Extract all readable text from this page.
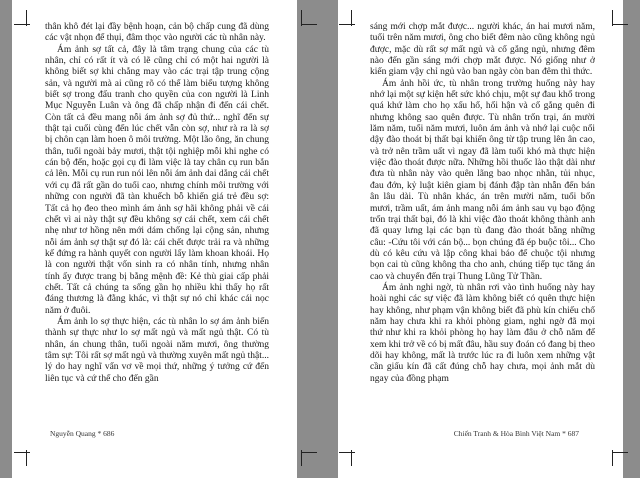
thân khô đét lại đầy bệnh hoạn, cản bộ chấp cung đã dùng các vật nhọn để thụi, đâm thọc vào người các tù nhân này.

Ám ảnh sợ tất cả, đây là tâm trạng chung của các tù nhân, chỉ có rất ít và có lẽ cũng chỉ có một hai người là không biết sợ khi chẳng may vào các trại tập trung cộng sản, và người mà ai cũng rõ có thể làm biểu tượng không biết sợ trong đấu tranh cho quyền của con người là Linh Mục Nguyễn Luân và ông đã chấp nhận đi đến cái chết. Còn tất cả đều mang nỗi ám ảnh sợ đủ thứ... nghĩ đến sự thật tại cuối cùng đến lúc chết vẫn còn sợ, như rà ra là sợ bị chôn cạn làm hoen ô môi trường. Một lão ông, ăn chung thân, tuổi ngoài bảy mươi, thật tội nghiệp mỗi khi nghe có cán bộ đến, hoặc gọi cụ đi làm việc là tay chân cụ run bắn cả lên. Mỗi cụ run run nói lên nỗi ám ảnh dai dẳng cái chết với cụ đã rất gần do tuổi cao, nhưng chính môi trường với những con người đã tàn khuếch bỗ khiến giá trẻ đều sợ: Tất cả họ đeo theo mình ám ảnh sợ hãi không phải về cái chết vì ai này thật sự đều không sợ cái chết, xem cái chết nhẹ như tơ hồng nên mới dám chống lại cộng sản, nhưng nỗi ám ảnh sợ thật sự đó là: cái chết được trải ra và những kế đứng ra hành quyết con người lấy làm khoan khoái. Họ là con người thật vốn sinh ra có nhân tính, nhưng nhân tính ấy được trang bị bằng mệnh đề: Kẻ thù giai cấp phải chết. Tất cả chúng ta sống gần họ nhiều khi thấy họ rất đáng thương là đằng khác, vì thật sự nó chỉ khác cái nọc năm ở đuôi.

Ám ảnh lo sợ thực hiện, các tù nhân lo sợ ám ảnh biến thành sự thực như lo sợ mất ngủ và mất ngủ thật. Có tù nhân, án chung thân, tuổi ngoài năm mươi, ông thường tâm sự: Tôi rất sợ mất ngủ và thường xuyên mất ngủ thật... lý do hay nghĩ vẩn vơ về mọi thứ, những ý tưởng cứ đến liên tục và cứ thế cho đến gần

Nguyễn Quang * 686

sáng mới chợp mắt được... người khác, án hai mươi năm, tuổi trên năm mươi, ông cho biết đêm nào cũng không ngủ được, mặc dù rất sợ mất ngủ và cố gắng ngủ, nhưng đêm nào đến gần sáng mới chợp mắt được. Nó giống như ở kiến giam vậy chỉ ngủ vào ban ngày còn ban đêm thì thức.

Ám ảnh hồi ức, tù nhân trong trường huống này hay nhớ lại một sự kiện hết sức khó chịu, một sự đau khổ trong quá khứ làm cho họ xấu hổ, hối hận và cố gắng quên đi nhưng không sao quên được. Tù nhân trốn trại, án mười lăm năm, tuổi năm mươi, luôn ám ảnh và nhớ lại cuộc nổi dậy đào thoát bị thất bại khiến ông từ tập trung lên ân cao, và trở nên trầm uất vì ngay đã làm tuổi khó mà thực hiện việc đào thoát được nữa. Những hồi thuốc lào thật dài như đưa tù nhân này vào quên lãng bao nhọc nhằn, tủi nhục, đau đớn, kỷ luật kiên giam bị đánh đập tàn nhẫn đến bán ân lâu dài. Tù nhân khác, án trên mười năm, tuổi bốn mươi, trầm uất, ám ảnh mang nỗi ám ảnh sau vụ bạo động trốn trại thất bại, đó là khi việc đào thoát không thành anh đã quay lưng lại các bạn tù đang đào thoát bằng những câu: -Cứu tôi với cán bộ... bọn chúng đã ép buộc tôi... Cho dù có kêu cứu và lập công khai báo để chuộc tội nhưng bọn cai tù cũng không tha cho anh, chúng tiếp tục tăng án cao và chuyển đến trại Thung Lũng Tử Thần.

Ám ảnh nghi ngờ, tù nhân rơi vào tình huống này hay hoài nghi các sự việc đã làm không biết có quên thực hiện hay không, như phạm vận không biết đã phù kín chiếu chổ năm hay chưa khi ra khỏi phòng giam, nghi ngờ đã mọi thứ như khi ra khỏi phòng họ hay làm đâu ở chỗ năm để xem khi trở về có bị mất đâu, hầu suy đoán có đang bị theo dõi hay không, mất là trước lúc ra đi luôn xem những vật cần giấu kín đã cất đúng chỗ hay chưa, mọi ảnh mắt dù ngay của đồng phạm

Chiến Tranh & Hòa Bình Việt Nam * 687
